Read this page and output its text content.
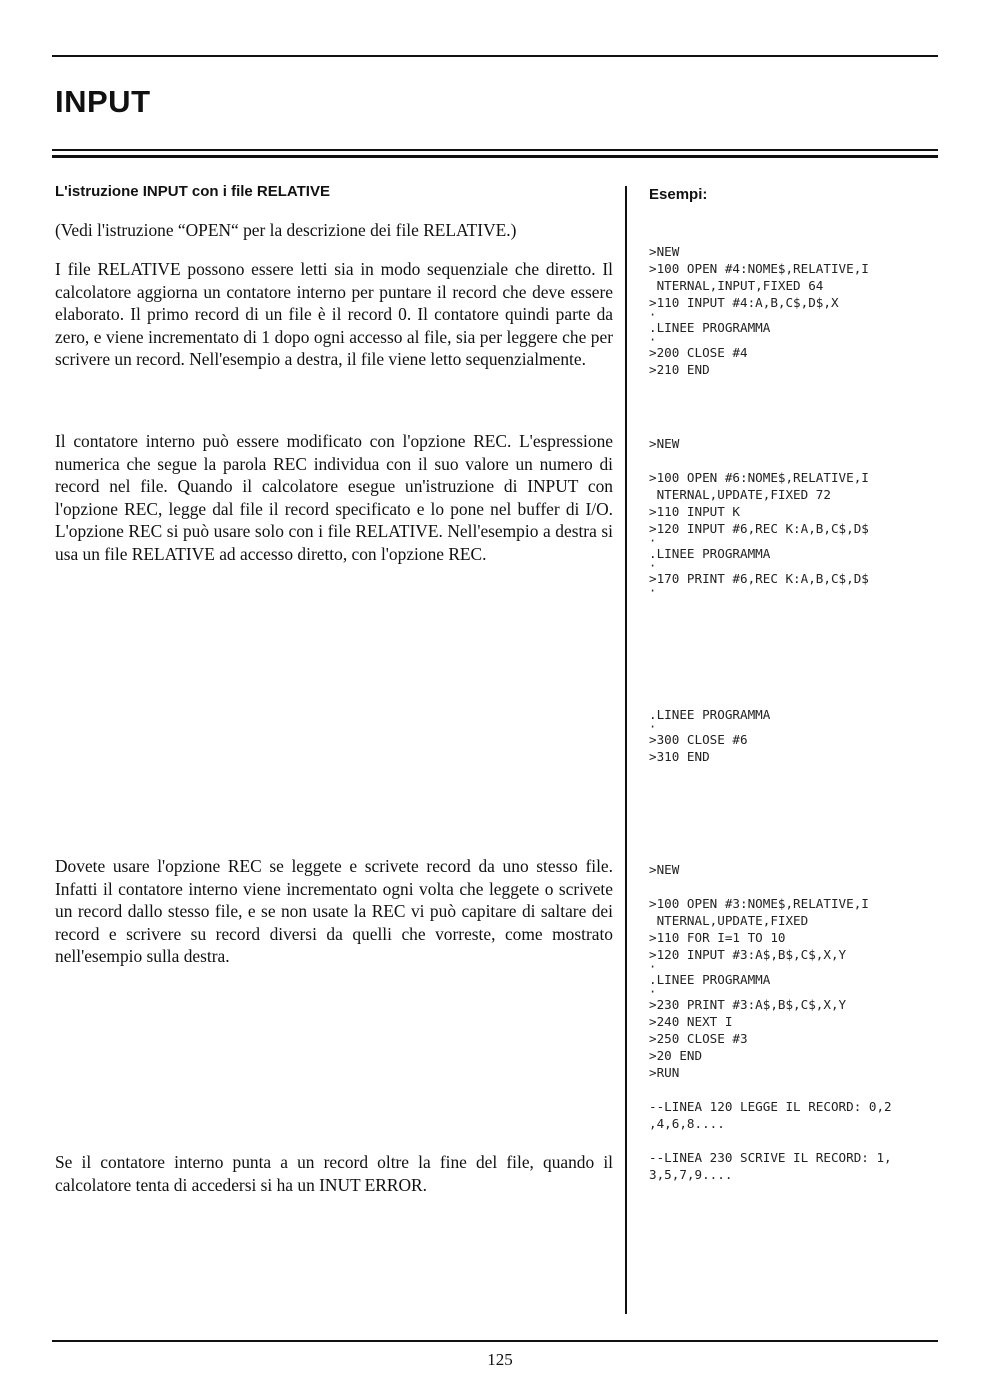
INPUT
L'istruzione INPUT con i file RELATIVE	Esempi:

(Vedi l'istruzione “OPEN“ per la descrizione dei file RELATIVE.)

I file RELATIVE possono essere letti sia in modo sequenziale che diretto. Il calcolatore aggiorna un contatore interno per puntare il record che deve essere elaborato. Il primo record di un file è il record 0. Il contatore quindi parte da zero, e viene incrementato di 1 dopo ogni accesso al file, sia per leggere che per scrivere un record. Nell'esempio a destra, il file viene letto sequenzialmente.

Il contatore interno può essere modificato con l'opzione REC. L'espressione numerica che segue la parola REC individua con il suo valore un numero di record nel file. Quando il calcolatore esegue un'istruzione di INPUT con l'opzione REC, legge dal file il record specificato e lo pone nel buffer di I/O. L'opzione REC si può usare solo con i file RELATIVE. Nell'esempio a destra si usa un file RELATIVE ad accesso diretto, con l'opzione REC.

Dovete usare l'opzione REC se leggete e scrivete record da uno stesso file. Infatti il contatore interno viene incrementato ogni volta che leggete o scrivete un record dallo stesso file, e se non usate la REC vi può capitare di saltare dei record e scrivere su record diversi da quelli che vorreste, come mostrato nell'esempio sulla destra.

Se il contatore interno punta a un record oltre la fine del file, quando il calcolatore tenta di accedersi si ha un INUT ERROR.

>NEW
>100 OPEN #4:NOME$,RELATIVE,I
NTERNAL,INPUT,FIXED 64
>110 INPUT #4:A,B,C$,D$,X
·
.LINEE PROGRAMMA
·
>200 CLOSE #4
>210 END
>NEW
>100 OPEN #6:NOME$,RELATIVE,I
NTERNAL,UPDATE,FIXED 72
>110 INPUT K
>120 INPUT #6,REC K:A,B,C$,D$
·
.LINEE PROGRAMMA
·
>170 PRINT #6,REC K:A,B,C$,D$
·
.LINEE PROGRAMMA
·
>300 CLOSE #6
>310 END
>NEW
>100 OPEN #3:NOME$,RELATIVE,I
NTERNAL,UPDATE,FIXED
>110 FOR I=1 TO 10
>120 INPUT #3:A$,B$,C$,X,Y
·
.LINEE PROGRAMMA
·
>230 PRINT #3:A$,B$,C$,X,Y
>240 NEXT I
>250 CLOSE #3
>20 END
>RUN
--LINEA 120 LEGGE IL RECORD: 0,2
,4,6,8....
--LINEA 230 SCRIVE IL RECORD: 1,
3,5,7,9....

125
